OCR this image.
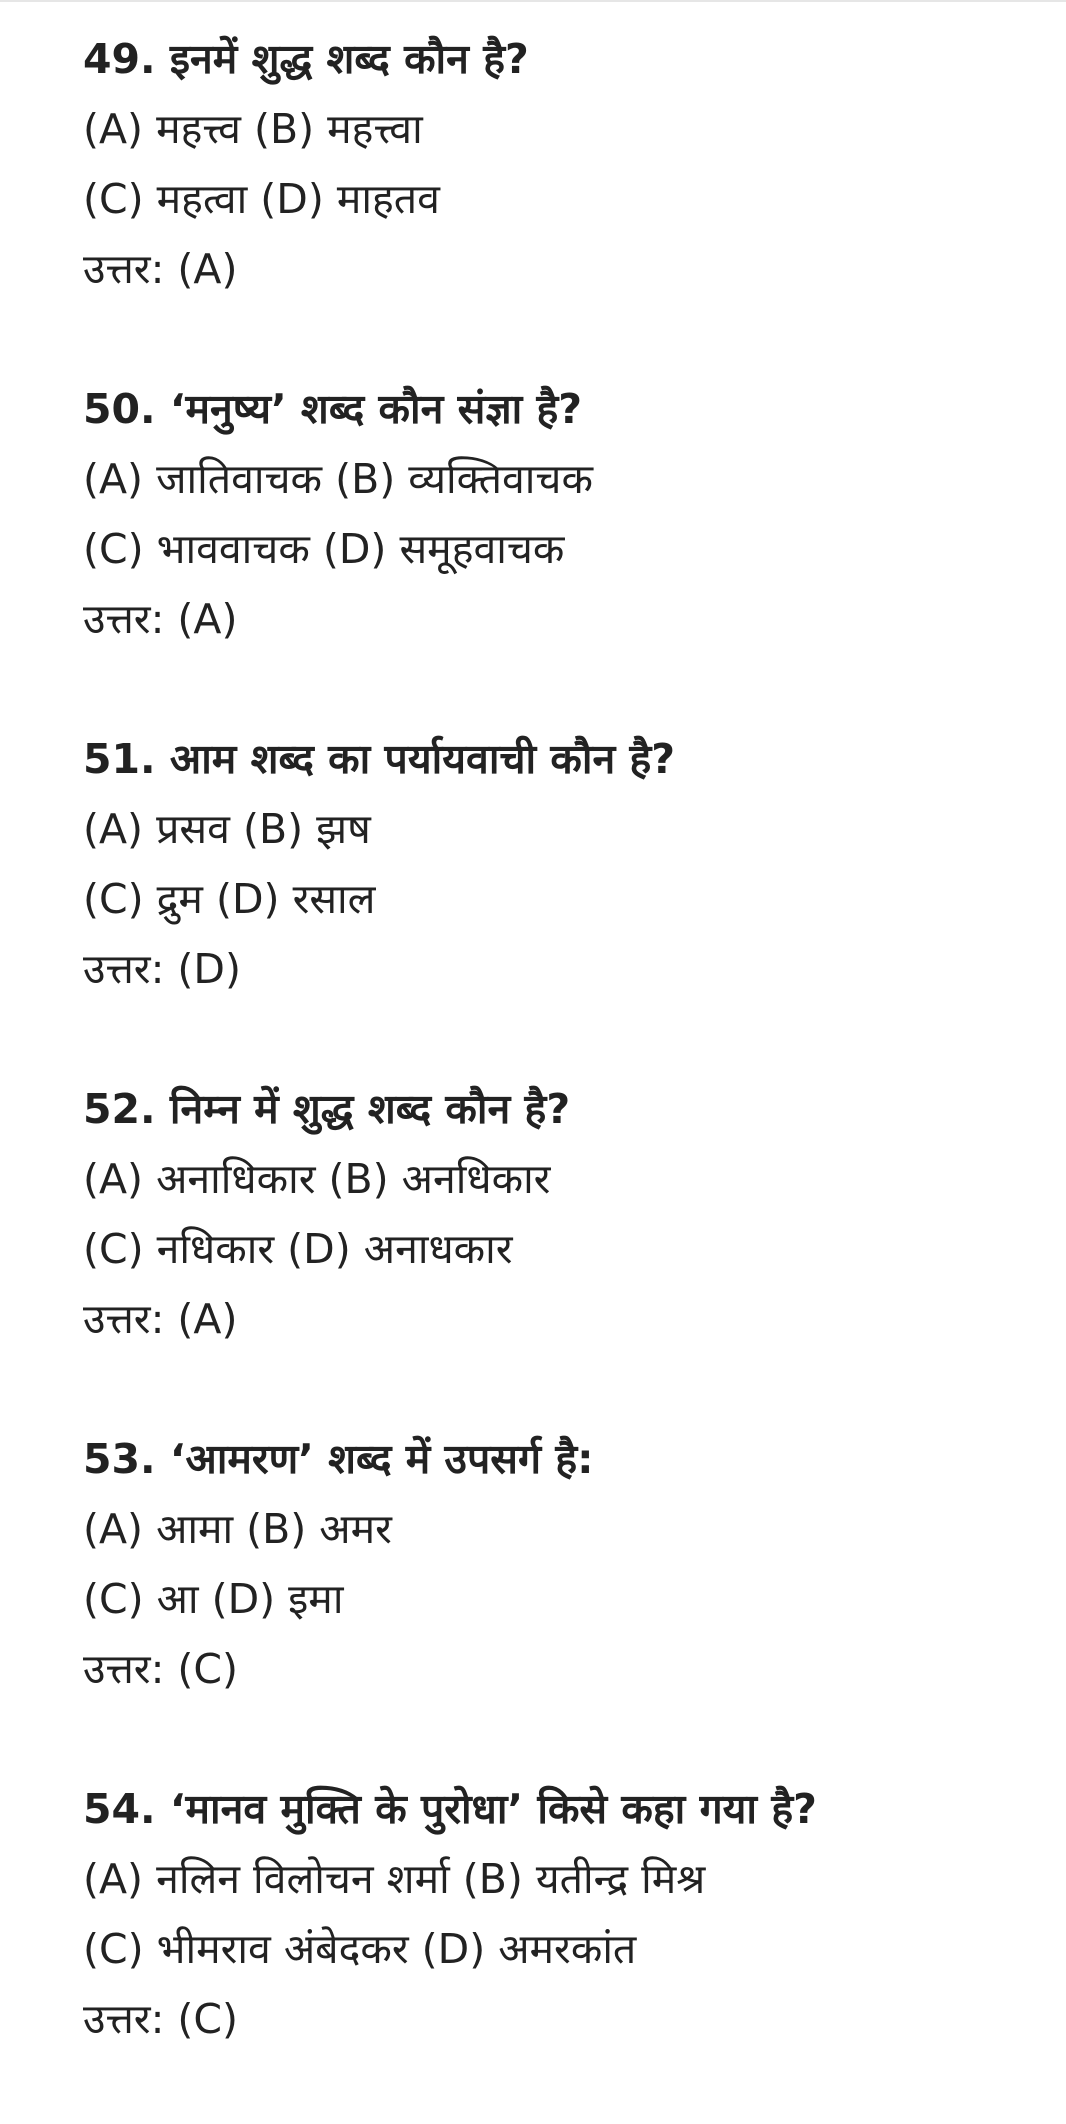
49. इनमें शुद्ध शब्द कौन है?
(A) महत्त्व (B) महत्त्वा
(C) महत्वा (D) माहतव
उत्तर: (A)
50. ‘मनुष्य’ शब्द कौन संज्ञा है?
(A) जातिवाचक (B) व्यक्तिवाचक
(C) भाववाचक (D) समूहवाचक
उत्तर: (A)
51. आम शब्द का पर्यायवाची कौन है?
(A) प्रसव (B) झष
(C) द्रुम (D) रसाल
उत्तर: (D)
52. निम्न में शुद्ध शब्द कौन है?
(A) अनाधिकार (B) अनधिकार
(C) नधिकार (D) अनाधकार
उत्तर: (A)
53. ‘आमरण’ शब्द में उपसर्ग है:
(A) आमा (B) अमर
(C) आ (D) इमा
उत्तर: (C)
54. ‘मानव मुक्ति के पुरोधा’ किसे कहा गया है?
(A) नलिन विलोचन शर्मा (B) यतीन्द्र मिश्र
(C) भीमराव अंबेदकर (D) अमरकांत
उत्तर: (C)
